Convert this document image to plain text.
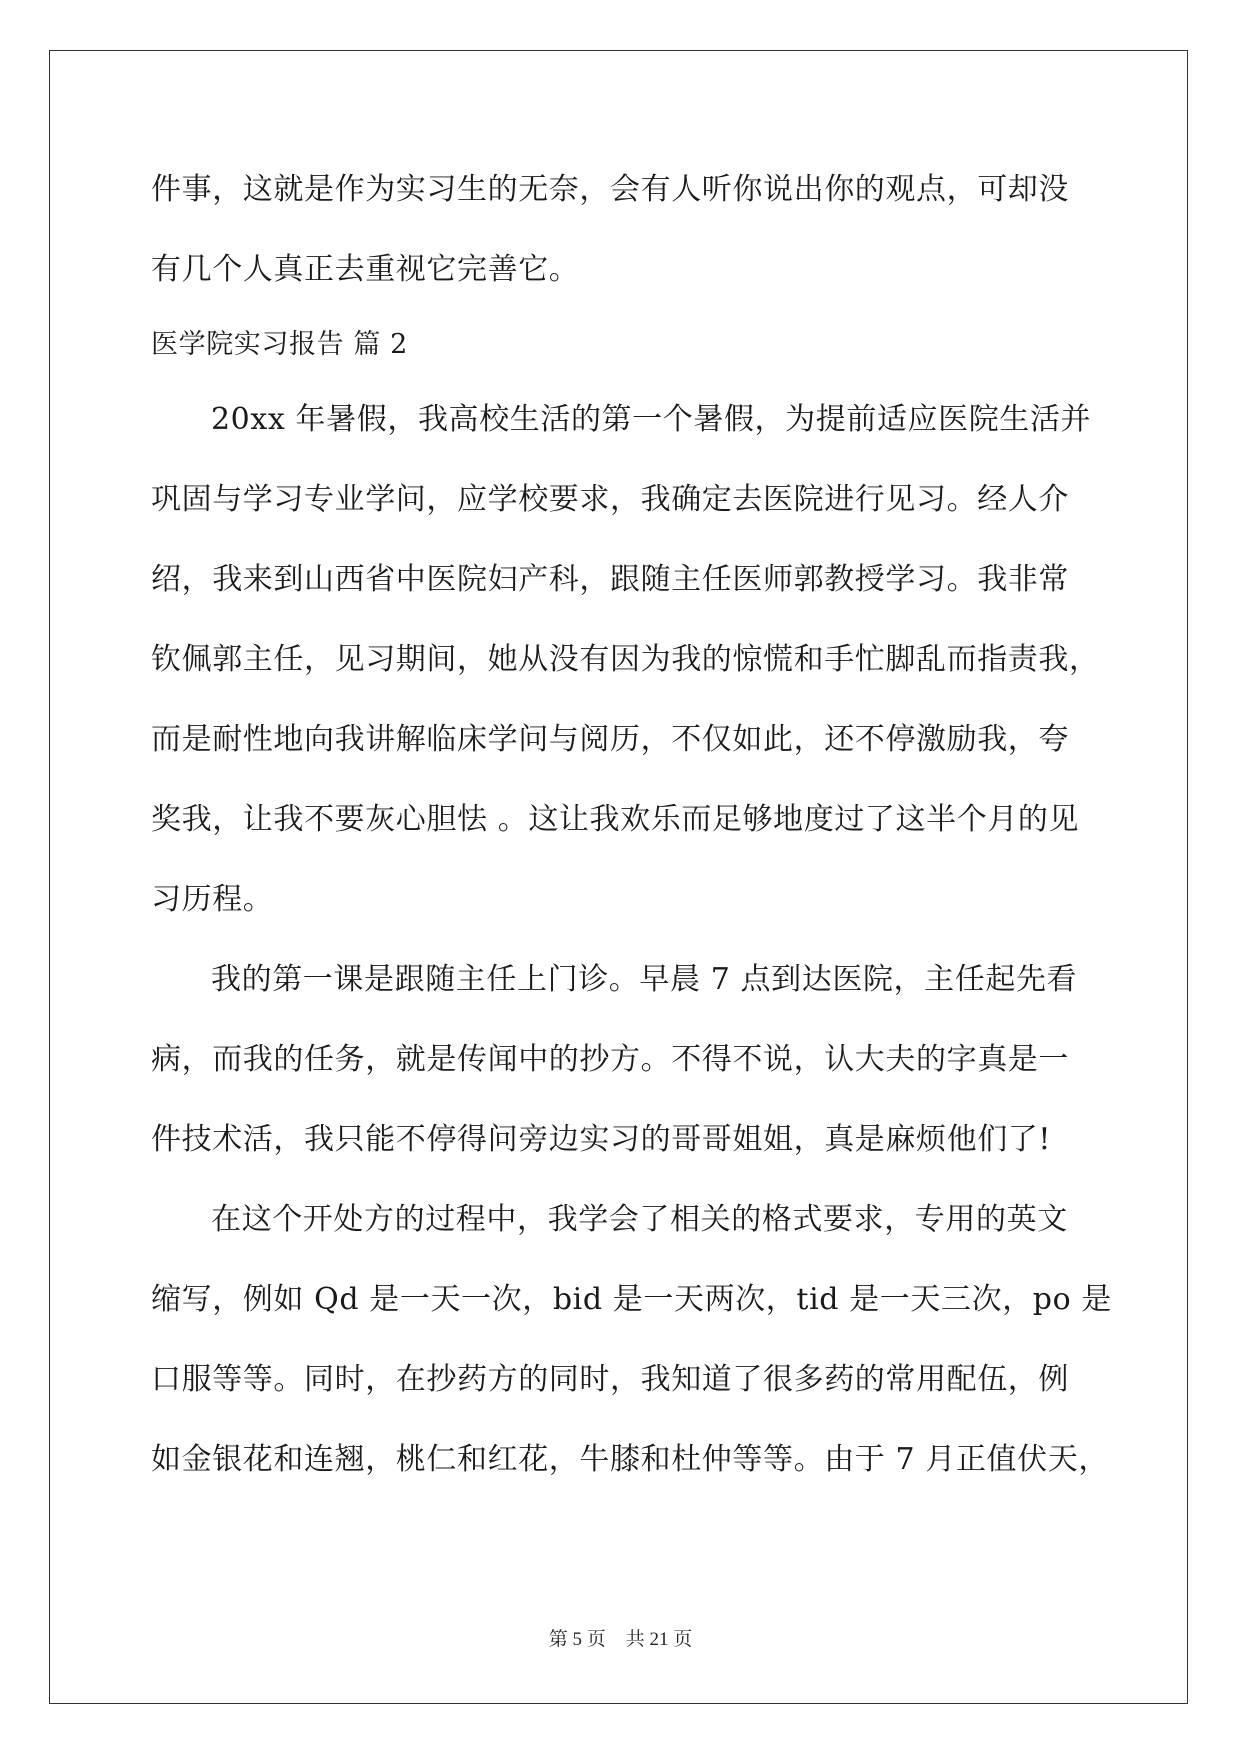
件事，这就是作为实习生的无奈，会有人听你说出你的观点，可却没
有几个人真正去重视它完善它。
医学院实习报告 篇 2
20xx 年暑假，我高校生活的第一个暑假，为提前适应医院生活并
巩固与学习专业学问，应学校要求，我确定去医院进行见习。经人介
绍，我来到山西省中医院妇产科，跟随主任医师郭教授学习。我非常
钦佩郭主任，见习期间，她从没有因为我的惊慌和手忙脚乱而指责我，
而是耐性地向我讲解临床学问与阅历，不仅如此，还不停激励我，夸
奖我，让我不要灰心胆怯 。这让我欢乐而足够地度过了这半个月的见
习历程。
我的第一课是跟随主任上门诊。早晨 7 点到达医院，主任起先看
病，而我的任务，就是传闻中的抄方。不得不说，认大夫的字真是一
件技术活，我只能不停得问旁边实习的哥哥姐姐，真是麻烦他们了!
在这个开处方的过程中，我学会了相关的格式要求，专用的英文
缩写，例如 Qd 是一天一次，bid 是一天两次，tid 是一天三次，po 是
口服等等。同时，在抄药方的同时，我知道了很多药的常用配伍，例
如金银花和连翘，桃仁和红花，牛膝和杜仲等等。由于 7 月正值伏天，
第 5 页 共 21 页
